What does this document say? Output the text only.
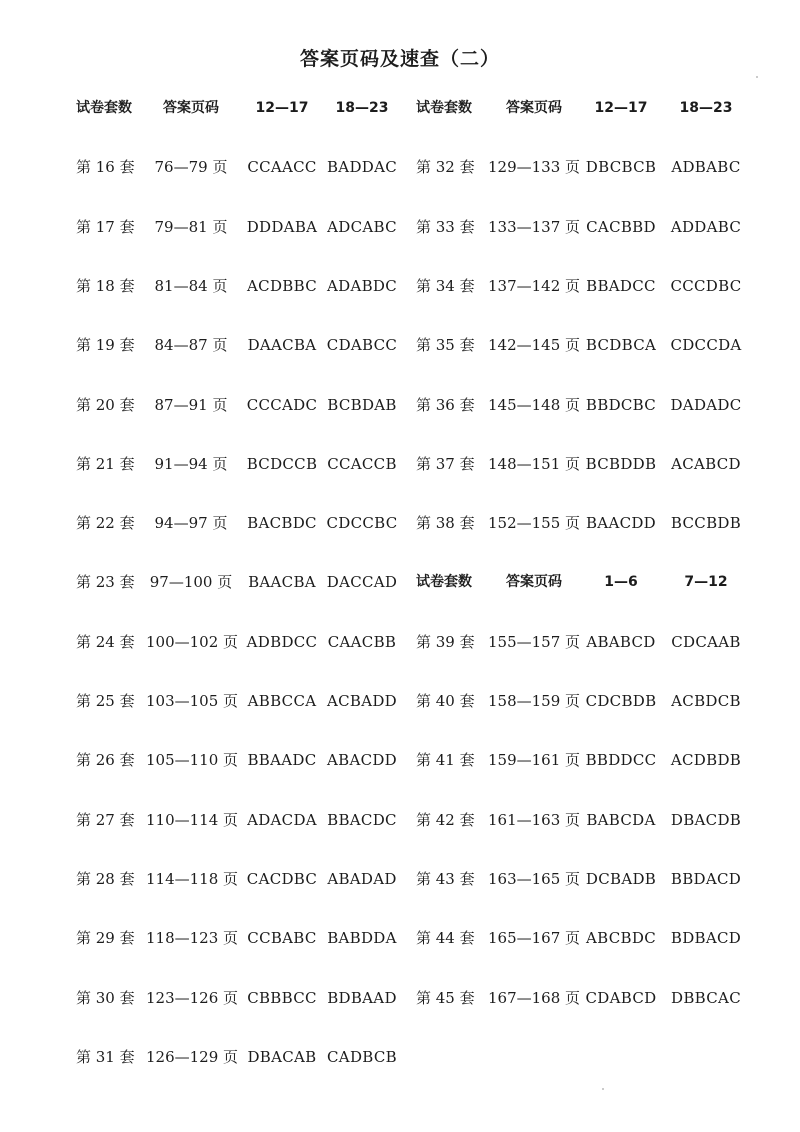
答案页码及速查（二）
试卷套数	答案页码	12—17	18—23	试卷套数	答案页码	12—17	18—23
第 16 套	76—79 页	CCAACC BADDAC 第 32 套 129—133 页 DBCBCB ADBABC
第 17 套	79—81 页	DDDABA ADCABC 第 33 套 133—137 页 CACBBD ADDABC
第 18 套	81—84 页	ACDBBC ADABDC 第 34 套 137—142 页 BBADCC CCCDBC
第 19 套	84—87 页	DAACBA CDABCC 第 35 套 142—145 页 BCDBCA CDCCDA
第 20 套	87—91 页	CCCADC BCBDAB 第 36 套 145—148 页 BBDCBC DADADC
第 21 套	91—94 页	BCDCCB CCACCB 第 37 套 148—151 页 BCBDDB ACABCD
第 22 套	94—97 页	BACBDC CDCCBC 第 38 套 152—155 页 BAACDD BCCBDB
第 23 套 97—100 页	BAACBA DACCAD 试卷套数	答案页码	1—6	7—12
第 24 套 100—102 页 ADBDCC CAACBB 第 39 套 155—157 页 ABABCD CDCAAB
第 25 套 103—105 页 ABBCCA ACBADD 第 40 套 158—159 页 CDCBDB ACBDCB
第 26 套 105—110 页 BBAADC ABACDD 第 41 套 159—161 页 BBDDCC ACDBDB
第 27 套 110—114 页 ADACDA BBACDC 第 42 套 161—163 页 BABCDA DBACDB
第 28 套 114—118 页 CACDBC ABADAD 第 43 套 163—165 页 DCBADB BBDACD
第 29 套 118—123 页 CCBABC BABDDA 第 44 套 165—167 页 ABCBDC BDBACD
第 30 套 123—126 页 CBBBCC BDBAAD 第 45 套 167—168 页 CDABCD DBBCAC
第 31 套 126—129 页 DBACAB CADBCB
